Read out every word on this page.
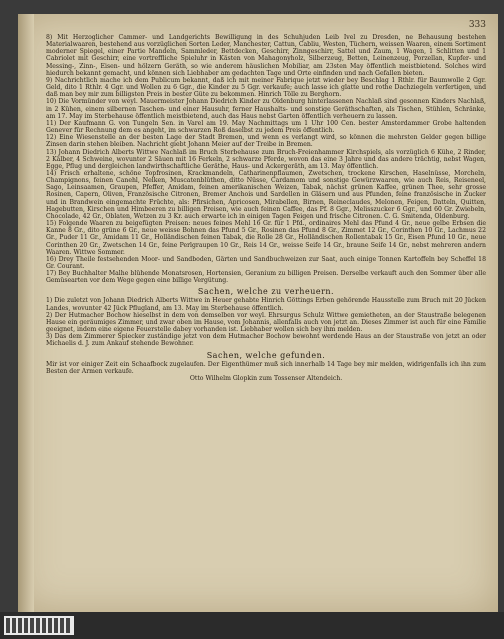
333

8) Mit Herzoglicher Cammer- und Landgerichts Bewilligung in des Schuhjuden Leib Ivel zu Dresden, ne Behausung bestehen Materialwaaren, bestehend aus vorzüglichen Sorten Leder, Manchester, Cattun, Cabliu, Westen, Tüchern, weissen Waaren, einem Sortiment moderner Spiegel, einer Partie Mandeln, Sammleder, Bettdecken, Geschirr, Zinngeschirr, Sattel und Zaum, 1 Wagen, 1 Schlitten und 1 Cabriolet mit Geschirr, eine vortreffliche Spieluhr in Kästen von Mahagonyholz, Silberzeug, Betten, Leinenzeug, Porzellan, Kupfer- und Messing-, Zinn-, Eisen- und hölzern Geräth, so wie anderem häuslichen Mobiliar, am 23sten May öffentlich meistbietend. Solches wird hiedurch bekannt gemacht, und können sich Liebhaber am gedachten Tage und Orte einfinden und nach Gefallen bieten.

9) Nachrichtlich mache ich dem Publicum bekannt, daß ich mit meiner Fabrique jetzt wieder bey Beschlag 1 Rthlr. für Baumwolle 2 Ggr. Geld, dito 1 Rthlr. 4 Ggr. und Wollen zu 6 Ggr., die Kinder zu 5 Ggr. verkaufe; auch lasse ich glatte und rothe Dachziegeln verfertigen, und daß man bey mir zum billigsten Preis in bester Güte zu bekommen. Hinrich Tölle zu Berghorn.

10) Die Vormünder von weyl. Mauermeister Johann Diedrich Kinder zu Oldenburg hinterlassenen Nachlaß sind gesonnen Kinders Nachlaß, in 2 Kühen, einem silbernen Taschen- und einer Hausuhr, ferner Haushalts- und sonstige Geräthschaften, als Tischen, Stühlen, Schränke, am 17. May im Sterbehause öffentlich meistbietend, auch das Haus nebst Garten öffentlich verheuern zu lassen.

11) Der Kaufmann G. von Tungeln Sen. in Varel am 19. May Nachmittags um 1 Uhr 100 Cen. bester Amsterdammer Grobe haltenden Genever für Rechnung dem es angeht, im schwarzen Roß daselbst zu jedem Preis öffentlich.

12) Eine Wiesenstelle an der besten Lage der Stadt Bremen, und wenn es verlangt wird, so können die mehrsten Gelder gegen billige Zinsen darin stehen bleiben. Nachricht giebt Johann Meier auf der Treibe in Bremen.

13) Johann Diedrich Alberts Wittwe Nachlaß im Bruch Sterbehause zum Bruch-Freienhammer Kirchspiels, als vorzüglich 6 Kühe, 2 Rinder, 2 Kälber, 4 Schweine, wovunter 2 Säuen mit 16 Ferkeln, 2 schwarze Pferde, wovon das eine 3 Jahre und das andere trächtig, nebst Wagen, Egge, Pflug und dergleichen landwirthschaftliche Geräthe, Haus- und Ackergeräth, am 13. May öffentlich.

14) Frisch erhaltene, schöne Topfrosinen, Krackmandeln, Catharinenpflaumen, Zwetschen, trockene Kirschen, Haselnüsse, Morcheln, Champignons, feinen Canehl, Nelken, Muscatenblüthen, ditto Nüsse, Cardamom und sonstige Gewürzwaaren, wie auch Reis, Reiseneel, Sago, Leinsaamen, Graupen, Pfeffer, Amidam, feinen amerikanischen Weizen, Tabak, nächst grünen Kaffee, grünen Thee, sehr grosse Rosinen, Capern, Oliven, Französische Citronen, Bremer Anchois und Sardellen in Gläsern und aus Pfunden, feine französische in Zucker und in Brandwein eingemachte Früchte, als: Pfirsichen, Apricosen, Mirabellen, Birnen, Reineclaudes, Melonen, Feigen, Datteln, Quitten, Hagebutten, Kirschen und Himbeeren zu billigen Preisen, wie auch feinen Caffee, das Pf. 8 Ggr., Melisszucker 6 Ggr., und 60 Gr. Zwiebeln, Chocolade, 42 Gr., Oblaten, Wetzen zu 3 Kr. auch erwarte ich in einigen Tagen Feigen und frische Citronen. C. G. Smitenda, Oldenburg.

15) Folgende Waaren zu beigefügten Preisen: neues feines Mehl 16 Gr. für 1 Pfd., ordinaires Mehl das Pfund 4 Gr., neue gelbe Erbsen die Kanne 8 Gr., dito grüne 6 Gr., neue weisse Bohnen das Pfund 5 Gr., Rosinen das Pfund 8 Gr., Zimmet 12 Gr., Corinthen 10 Gr., Lachmus 22 Gr., Puder 11 Gr., Amidam 11 Gr., Holländischen feinen Tabak, die Rolle 28 Gr., Holländischen Rollentabak 15 Gr., Eisen Pfund 10 Gr., neue Corinthen 20 Gr., Zwetschen 14 Gr., feine Perlgraupen 10 Gr., Reis 14 Gr., weisse Seife 14 Gr., braune Seife 14 Gr., nebst mehreren andern Waaren. Wittwe Sommer.

16) Drey Theile festsehenden Moor- und Sandboden, Gärten und Sandbuchweizen zur Saat, auch einige Tonnen Kartoffeln bey Scheffel 18 Gr. Courant.

17) Bey Buchhalter Malhe blühende Monatsrosen, Hortensien, Geranium zu billigen Preisen. Derselbe verkauft auch den Sommer über alle Gemüsearten vor dem Wege gegen eine billige Vergütung.

Sachen, welche zu verheuern.

1) Die zuletzt von Johann Diedrich Alberts Wittwe in Heuer gehabte Hinrich Göttings Erben gehörende Hausstelle zum Bruch mit 20 Jücken Landes, wovunter 42 Jück Pflugland, am 13. May im Sterbehause öffentlich.

2) Der Hutmacher Bochow hieselbst in dem von demselben vor weyl. Ehrsurgus Schulz Wittwe gemietheten, an der Staustraße belegenen Hause ein geräumiges Zimmer, und zwar oben im Hause, vom Johannis, allenfalls auch von jetzt an. Dieses Zimmer ist auch für eine Familie geeignet, indem eine eigene Feuerstelle dabey vorhanden ist. Liebhaber wollen sich bey ihm melden.

3) Das dem Zimmerer Spiecker zuständige jetzt von dem Hutmacher Bochow bewohnt werdende Haus an der Staustraße von jetzt an oder Michaelis d. J. zum Ankauf stehende Bewohner.

Sachen, welche gefunden.

Mir ist vor einiger Zeit ein Schaafbock zugelaufen. Der Eigenthümer muß sich innerhalb 14 Tage bey mir melden, widrigenfalls ich ihn zum Besten der Armen verkaufe.

Otto Wilhelm Glopkin zum Tossenser Altendeich.
